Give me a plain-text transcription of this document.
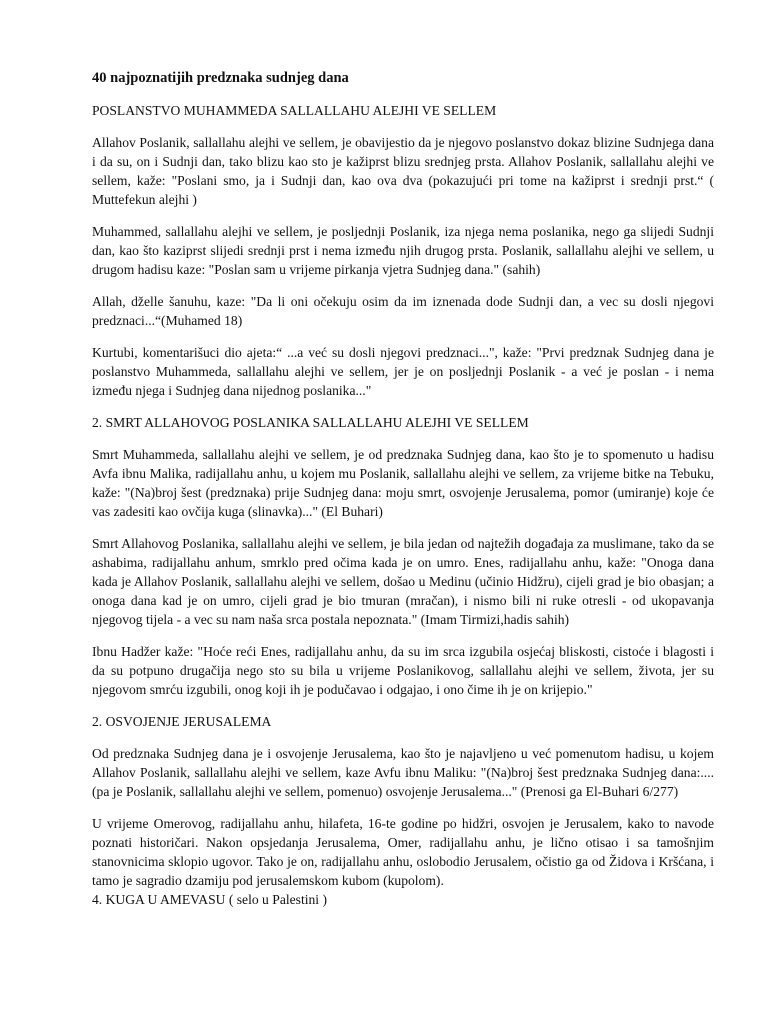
40 najpoznatijih predznaka sudnjeg dana
POSLANSTVO MUHAMMEDA SALLALLAHU ALEJHI VE SELLEM
Allahov Poslanik, sallallahu alejhi ve sellem, je obavijestio da je njegovo poslanstvo dokaz blizine Sudnjega dana i da su, on i Sudnji dan, tako blizu kao sto je kažiprst blizu srednjeg prsta. Allahov Poslanik, sallallahu alejhi ve sellem, kaže: "Poslani smo, ja i Sudnji dan, kao ova dva (pokazujući pri tome na kažiprst i srednji prst.“ ( Muttefekun alejhi )
Muhammed, sallallahu alejhi ve sellem, je posljednji Poslanik, iza njega nema poslanika, nego ga slijedi Sudnji dan, kao što kaziprst slijedi srednji prst i nema između njih drugog prsta. Poslanik, sallallahu alejhi ve sellem, u drugom hadisu kaze: "Poslan sam u vrijeme pirkanja vjetra Sudnjeg dana." (sahih)
Allah, dželle šanuhu, kaze: "Da li oni očekuju osim da im iznenada dode Sudnji dan, a vec su dosli njegovi predznaci...“(Muhamed 18)
Kurtubi, komentarišuci dio ajeta:“ ...a već su dosli njegovi predznaci...", kaže: "Prvi predznak Sudnjeg dana je poslanstvo Muhammeda, sallallahu alejhi ve sellem, jer je on posljednji Poslanik - a već je poslan - i nema između njega i Sudnjeg dana nijednog poslanika..."
2. SMRT ALLAHOVOG POSLANIKA SALLALLAHU ALEJHI VE SELLEM
Smrt Muhammeda, sallallahu alejhi ve sellem, je od predznaka Sudnjeg dana, kao što je to spomenuto u hadisu Avfa ibnu Malika, radijallahu anhu, u kojem mu Poslanik, sallallahu alejhi ve sellem, za vrijeme bitke na Tebuku, kaže: "(Na)broj šest (predznaka) prije Sudnjeg dana: moju smrt, osvojenje Jerusalema, pomor (umiranje) koje će vas zadesiti kao ovčija kuga (slinavka)..." (El Buhari)
Smrt Allahovog Poslanika, sallallahu alejhi ve sellem, je bila jedan od najtežih događaja za muslimane, tako da se ashabima, radijallahu anhum, smrklo pred očima kada je on umro. Enes, radijallahu anhu, kaže: "Onoga dana kada je Allahov Poslanik, sallallahu alejhi ve sellem, došao u Medinu (učinio Hidžru), cijeli grad je bio obasjan; a onoga dana kad je on umro, cijeli grad je bio tmuran (mračan), i nismo bili ni ruke otresli - od ukopavanja njegovog tijela - a vec su nam naša srca postala nepoznata." (Imam Tirmizi,hadis sahih)
Ibnu Hadžer kaže: "Hoće reći Enes, radijallahu anhu, da su im srca izgubila osjećaj bliskosti, cistoće i blagosti i da su potpuno drugačija nego sto su bila u vrijeme Poslanikovog, sallallahu alejhi ve sellem, života, jer su njegovom smrću izgubili, onog koji ih je podučavao i odgajao, i ono čime ih je on krijepio."
2. OSVOJENJE JERUSALEMA
Od predznaka Sudnjeg dana je i osvojenje Jerusalema, kao što je najavljeno u već pomenutom hadisu, u kojem Allahov Poslanik, sallallahu alejhi ve sellem, kaze Avfu ibnu Maliku: "(Na)broj šest predznaka Sudnjeg dana:.... (pa je Poslanik, sallallahu alejhi ve sellem, pomenuo) osvojenje Jerusalema..." (Prenosi ga El-Buhari 6/277)
U vrijeme Omerovog, radijallahu anhu, hilafeta, 16-te godine po hidžri, osvojen je Jerusalem, kako to navode poznati historičari. Nakon opsjedanja Jerusalema, Omer, radijallahu anhu, je lično otisao i sa tamošnjim stanovnicima sklopio ugovor. Tako je on, radijallahu anhu, oslobodio Jerusalem, očistio ga od Židova i Kršćana, i tamo je sagradio dzamiju pod jerusalemskom kubom (kupolom).
4. KUGA U AMEVASU ( selo u Palestini )
